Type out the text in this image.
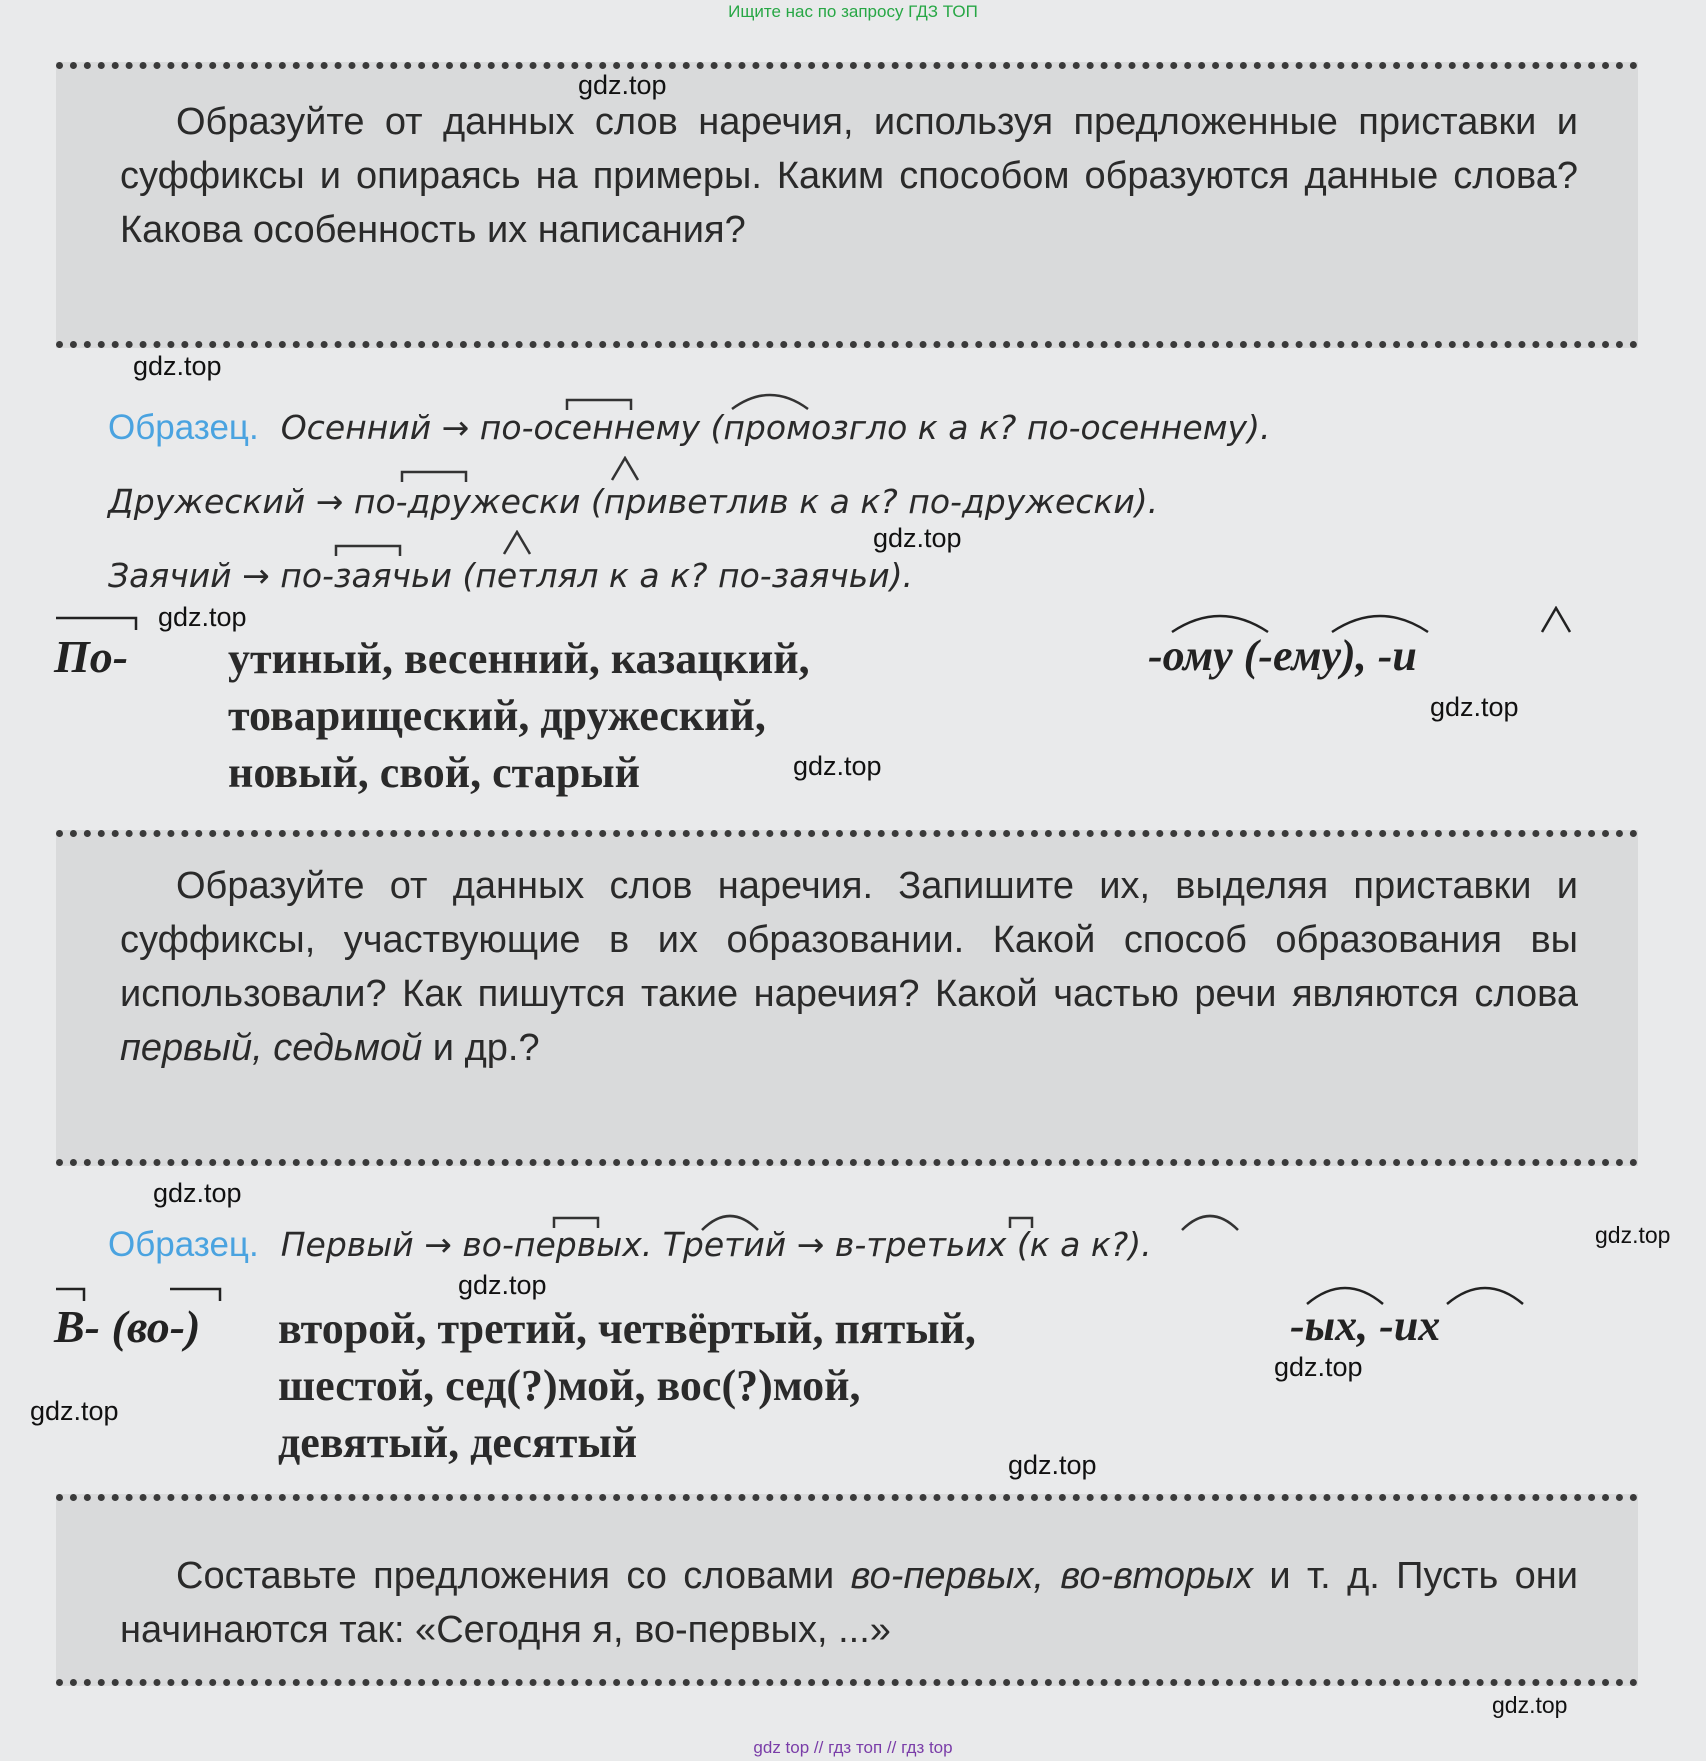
Ищите нас по запросу ГДЗ ТОП
Образуйте от данных слов наречия, используя предложенные приставки и суффиксы и опираясь на примеры. Каким способом образуются данные слова? Какова особенность их написания?
gdz.top
gdz.top
Образец. Осенний → по-осеннему (промозгло к а к? по-осеннему).
Дружеский → по-дружески (приветлив к а к? по-дружески).
Заячий → по-заячьи (петлял к а к? по-заячьи).
gdz.top
gdz.top
По- утиный, весенний, казацкий,
товарищеский, дружеский,
новый, свой, старый
-ому (-ему), -и
gdz.top
gdz.top
Образуйте от данных слов наречия. Запишите их, выделяя приставки и суффиксы, участвующие в их образовании. Какой способ образования вы использовали? Как пишутся такие наречия? Какой частью речи являются слова первый, седьмой и др.?
gdz.top
Образец. Первый → во-первых. Третий → в-третьих (к а к?).	gdz.top
gdz.top
В- (во-) второй, третий, четвёртый, пятый,
шестой, сед(?)мой, вос(?)мой,
девятый, десятый
-ых, -их
gdz.top
gdz.top
gdz.top
Составьте предложения со словами во-первых, во-вторых и т. д. Пусть они начинаются так: «Сегодня я, во-первых, ...»
gdz.top
gdz top // гдз топ // гдз top
